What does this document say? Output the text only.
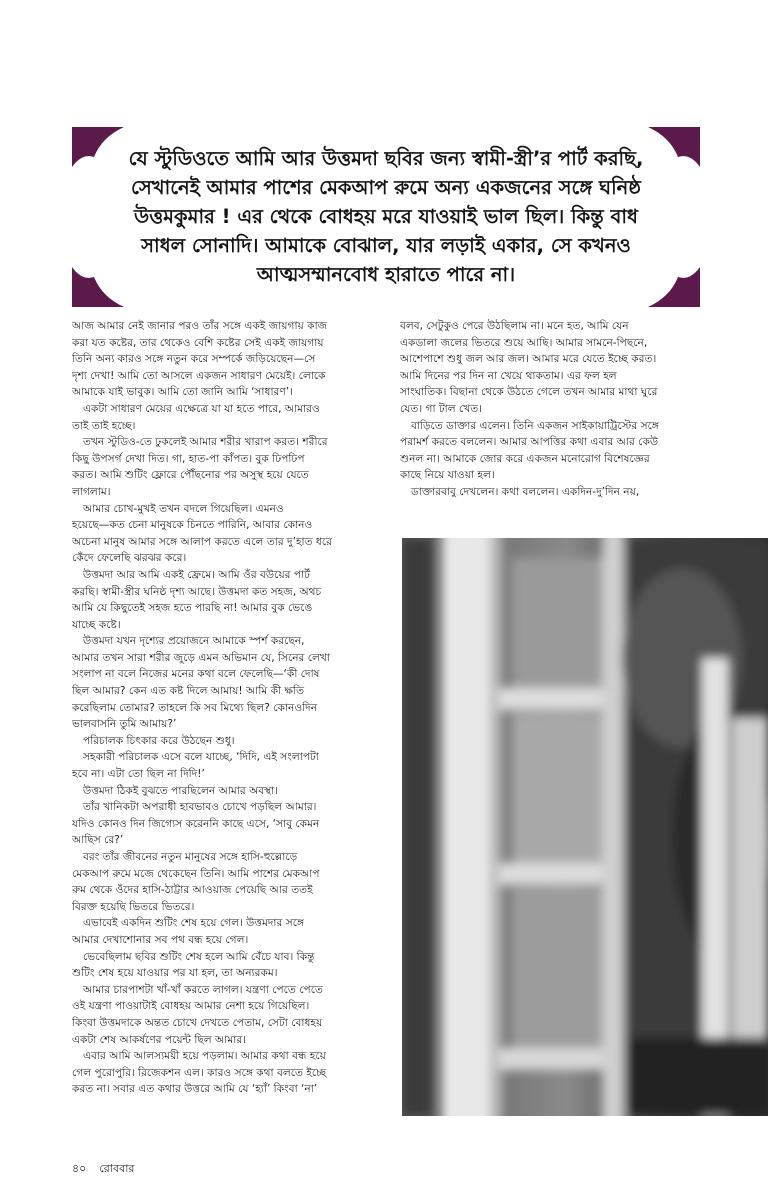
যে স্টুডিওতে আমি আর উত্তমদা ছবির জন্য স্বামী-স্ত্রী’র পার্ট করছি,
সেখানেই আমার পাশের মেকআপ রুমে অন্য একজনের সঙ্গে ঘনিষ্ঠ
উত্তমকুমার ! এর থেকে বোধহয় মরে যাওয়াই ভাল ছিল। কিন্তু বাধ
সাধল সোনাদি। আমাকে বোঝাল, যার লড়াই একার, সে কখনও
আত্মসম্মানবোধ হারাতে পারে না।
আজ আমার নেই জানার পরও তাঁর সঙ্গে একই জায়গায় কাজ
করা যত কষ্টের, তার থেকেও বেশি কষ্টের সেই একই জায়গায়
তিনি অন্য কারও সঙ্গে নতুন করে সম্পর্কে জড়িয়েছেন—সে
দৃশ্য দেখা! আমি তো আসলে একজন সাধারণ মেয়েই। লোকে
আমাকে যাই ভাবুক। আমি তো জানি আমি ‘সাধারণ’।
একটা সাধারণ মেয়ের এক্ষেত্রে যা যা হতে পারে, আমারও
তাই তাই হচ্ছে।
তখন স্টুডিও-তে ঢুকলেই আমার শরীর খারাপ করত। শরীরে
কিছু উপসর্গ দেখা দিত। গা, হাত-পা কাঁপত। বুক ঢিপঢিপ
করত। আমি শুটিং ফ্লোরে পৌঁছনোর পর অসুস্থ হয়ে যেতে
লাগলাম।
আমার চোখ-মুখই তখন বদলে গিয়েছিল। এমনও
হয়েছে—কত চেনা মানুষকে চিনতে পারিনি, আবার কোনও
অচেনা মানুষ আমার সঙ্গে আলাপ করতে এলে তার দু’হাত ধরে
কেঁদে ফেলেছি ঝরঝর করে।
উত্তমদা আর আমি একই ফ্রেমে। আমি ওঁর বউয়ের পার্ট
করছি। স্বামী-স্ত্রীর ঘনিষ্ঠ দৃশ্য আছে। উত্তমদা কত সহজ, অথচ
আমি যে কিছুতেই সহজ হতে পারছি না! আমার বুক ভেঙে
যাচ্ছে কষ্টে।
উত্তমদা যখন দৃশ্যের প্রয়োজনে আমাকে স্পর্শ করছেন,
আমার তখন সারা শরীর জুড়ে এমন অভিমান যে, সিনের লেখা
সংলাপ না বলে নিজের মনের কথা বলে ফেলেছি—‘কী দোষ
ছিল আমার? কেন এত কষ্ট দিলে আমায়! আমি কী ক্ষতি
করেছিলাম তোমার? তাহলে কি সব মিথ্যে ছিল? কোনওদিন
ভালবাসনি তুমি আমায়?’
পরিচালক চিৎকার করে উঠছেন শুধু।
সহকারী পরিচালক এসে বলে যাচ্ছে, ‘দিদি, এই সংলাপটা
হবে না। এটা তো ছিল না দিদি!’
উত্তমদা ঠিকই বুঝতে পারছিলেন আমার অবস্থা।
তাঁর খানিকটা অপরাধী হাবভাবও চোখে পড়ছিল আমার।
যদিও কোনও দিন জিগ্যেস করেননি কাছে এসে, ‘সাবু কেমন
আছিস রে?’
বরং তাঁর জীবনের নতুন মানুষের সঙ্গে হাসি-হুল্লোড়ে
মেকআপ রুমে মজে থেকেছেন তিনি। আমি পাশের মেকআপ
রুম থেকে ওঁদের হাসি-ঠাট্টার আওয়াজ পেয়েছি আর ততই
বিরক্ত হয়েছি ভিতরে ভিতরে।
এভাবেই একদিন শুটিং শেষ হয়ে গেল। উত্তমদার সঙ্গে
আমার দেখাশোনার সব পথ বন্ধ হয়ে গেল।
ভেবেছিলাম ছবির শুটিং শেষ হলে আমি বেঁচে যাব। কিন্তু
শুটিং শেষ হয়ে যাওয়ার পর যা হল, তা অন্যরকম।
আমার চারপাশটা খাঁ-খাঁ করতে লাগল। যন্ত্রণা পেতে পেতে
ওই যন্ত্রণা পাওয়াটাই বোধহয় আমার নেশা হয়ে গিয়েছিল।
কিংবা উত্তমদাকে অন্তত চোখে দেখতে পেতাম, সেটা বোধহয়
একটা শেষ আকর্ষণের পয়েন্ট ছিল আমার।
এবার আমি আলস্যময়ী হয়ে পড়লাম। আমার কথা বন্ধ হয়ে
গেল পুরোপুরি। রিজেকশন এল। কারও সঙ্গে কথা বলতে ইচ্ছে
করত না। সবার এত কথার উত্তরে আমি যে ‘হ্যাঁ’ কিংবা ‘না’
বলব, সেটুকুও পেরে উঠছিলাম না। মনে হত, আমি যেন
একডালা জলের ভিতরে শুয়ে আছি। আমার সামনে-পিছনে,
আশেপাশে শুধু জল আর জল। আমার মরে যেতে ইচ্ছে করত।
আমি দিনের পর দিন না খেয়ে থাকতাম। এর ফল হল
সাংঘাতিক। বিছানা থেকে উঠতে গেলে তখন আমার মাথা ঘুরে
যেত। গা টাল খেত।
বাড়িতে ডাক্তার এলেন। তিনি একজন সাইকায়াট্রিস্টের সঙ্গে
পরামর্শ করতে বললেন। আমার আপত্তির কথা এবার আর কেউ
শুনল না। আমাকে জোর করে একজন মনোরোগ বিশেষজ্ঞের
কাছে নিয়ে যাওয়া হল।
ডাক্তারবাবু দেখলেন। কথা বললেন। একদিন-দু’দিন নয়,
৪০ রোববার
